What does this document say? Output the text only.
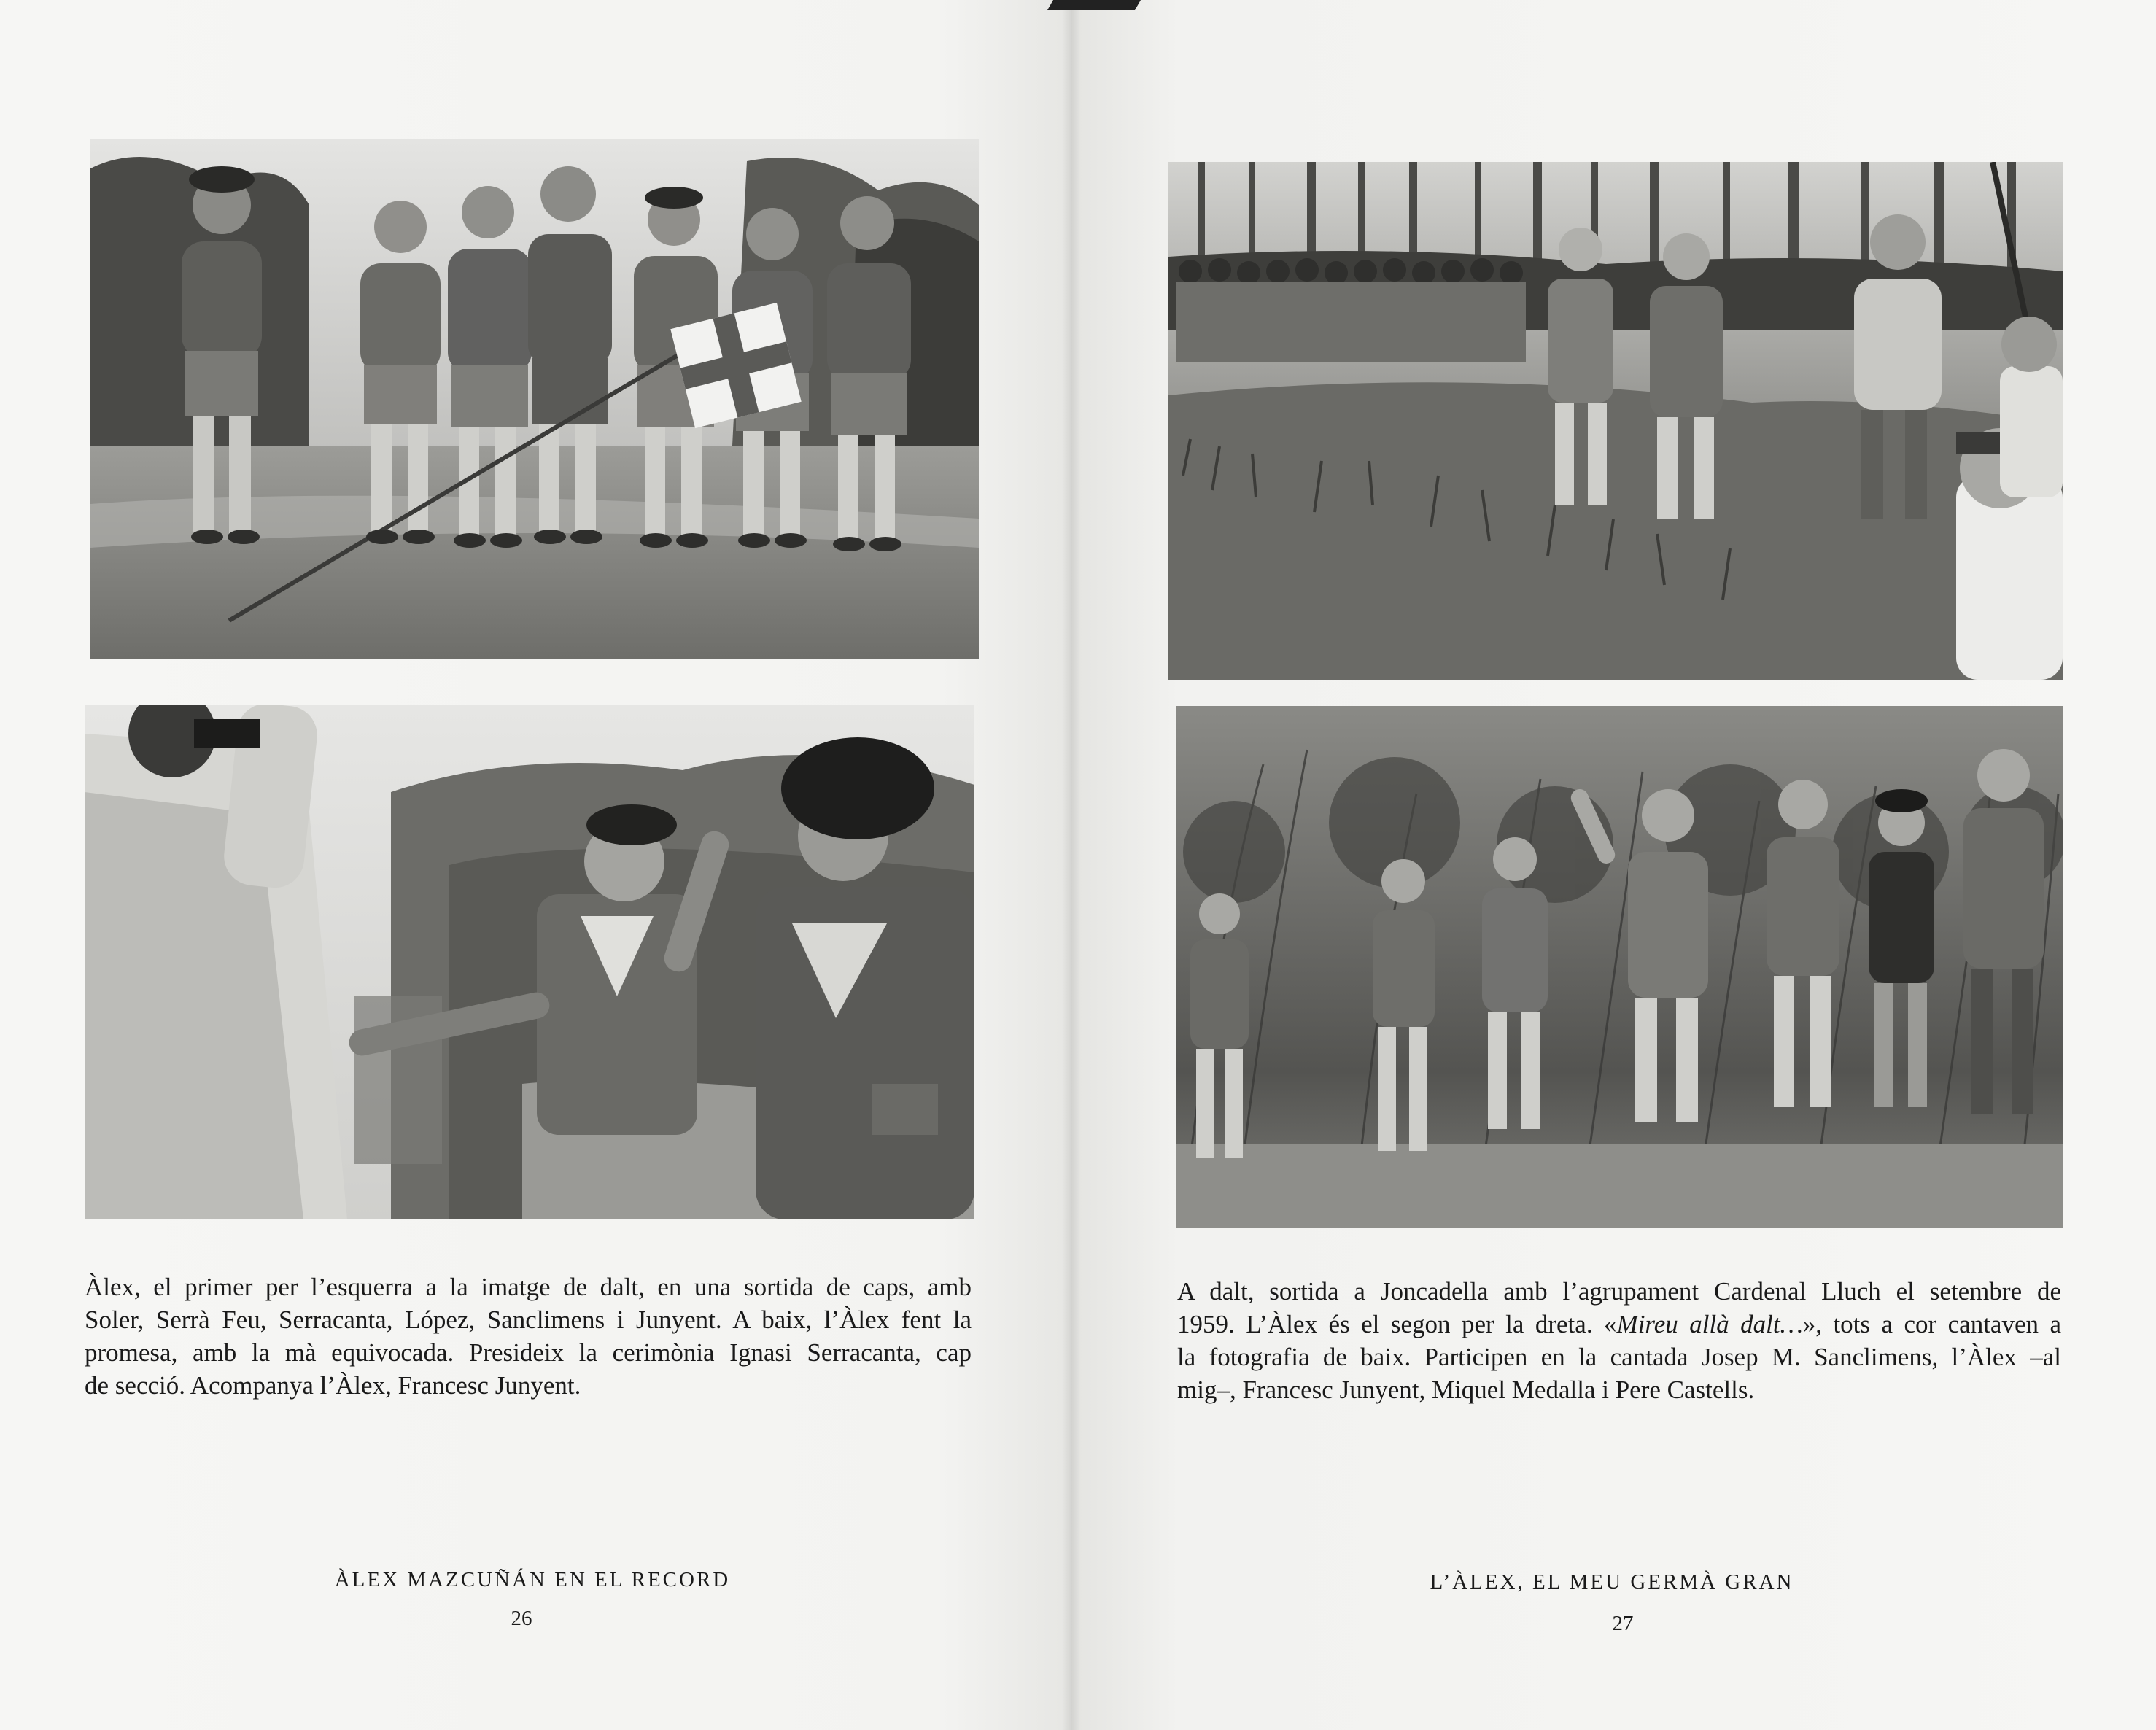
Àlex, el primer per l’esquerra a la imatge de dalt, en una sortida de caps, amb
Soler, Serrà Feu, Serracanta, López, Sanclimens i Junyent. A baix, l’Àlex fent la
promesa, amb la mà equivocada. Presideix la cerimònia Ignasi Serracanta, cap
de secció. Acompanya l’Àlex, Francesc Junyent.
A dalt, sortida a Joncadella amb l’agrupament Cardenal Lluch el setembre de
1959. L’Àlex és el segon per la dreta. «Mireu allà dalt…», tots a cor cantaven a
la fotografia de baix. Participen en la cantada Josep M. Sanclimens, l’Àlex –al
mig–, Francesc Junyent, Miquel Medalla i Pere Castells.
ÀLEX MAZCUÑÁN EN EL RECORD
26
L’ÀLEX, EL MEU GERMÀ GRAN
27
